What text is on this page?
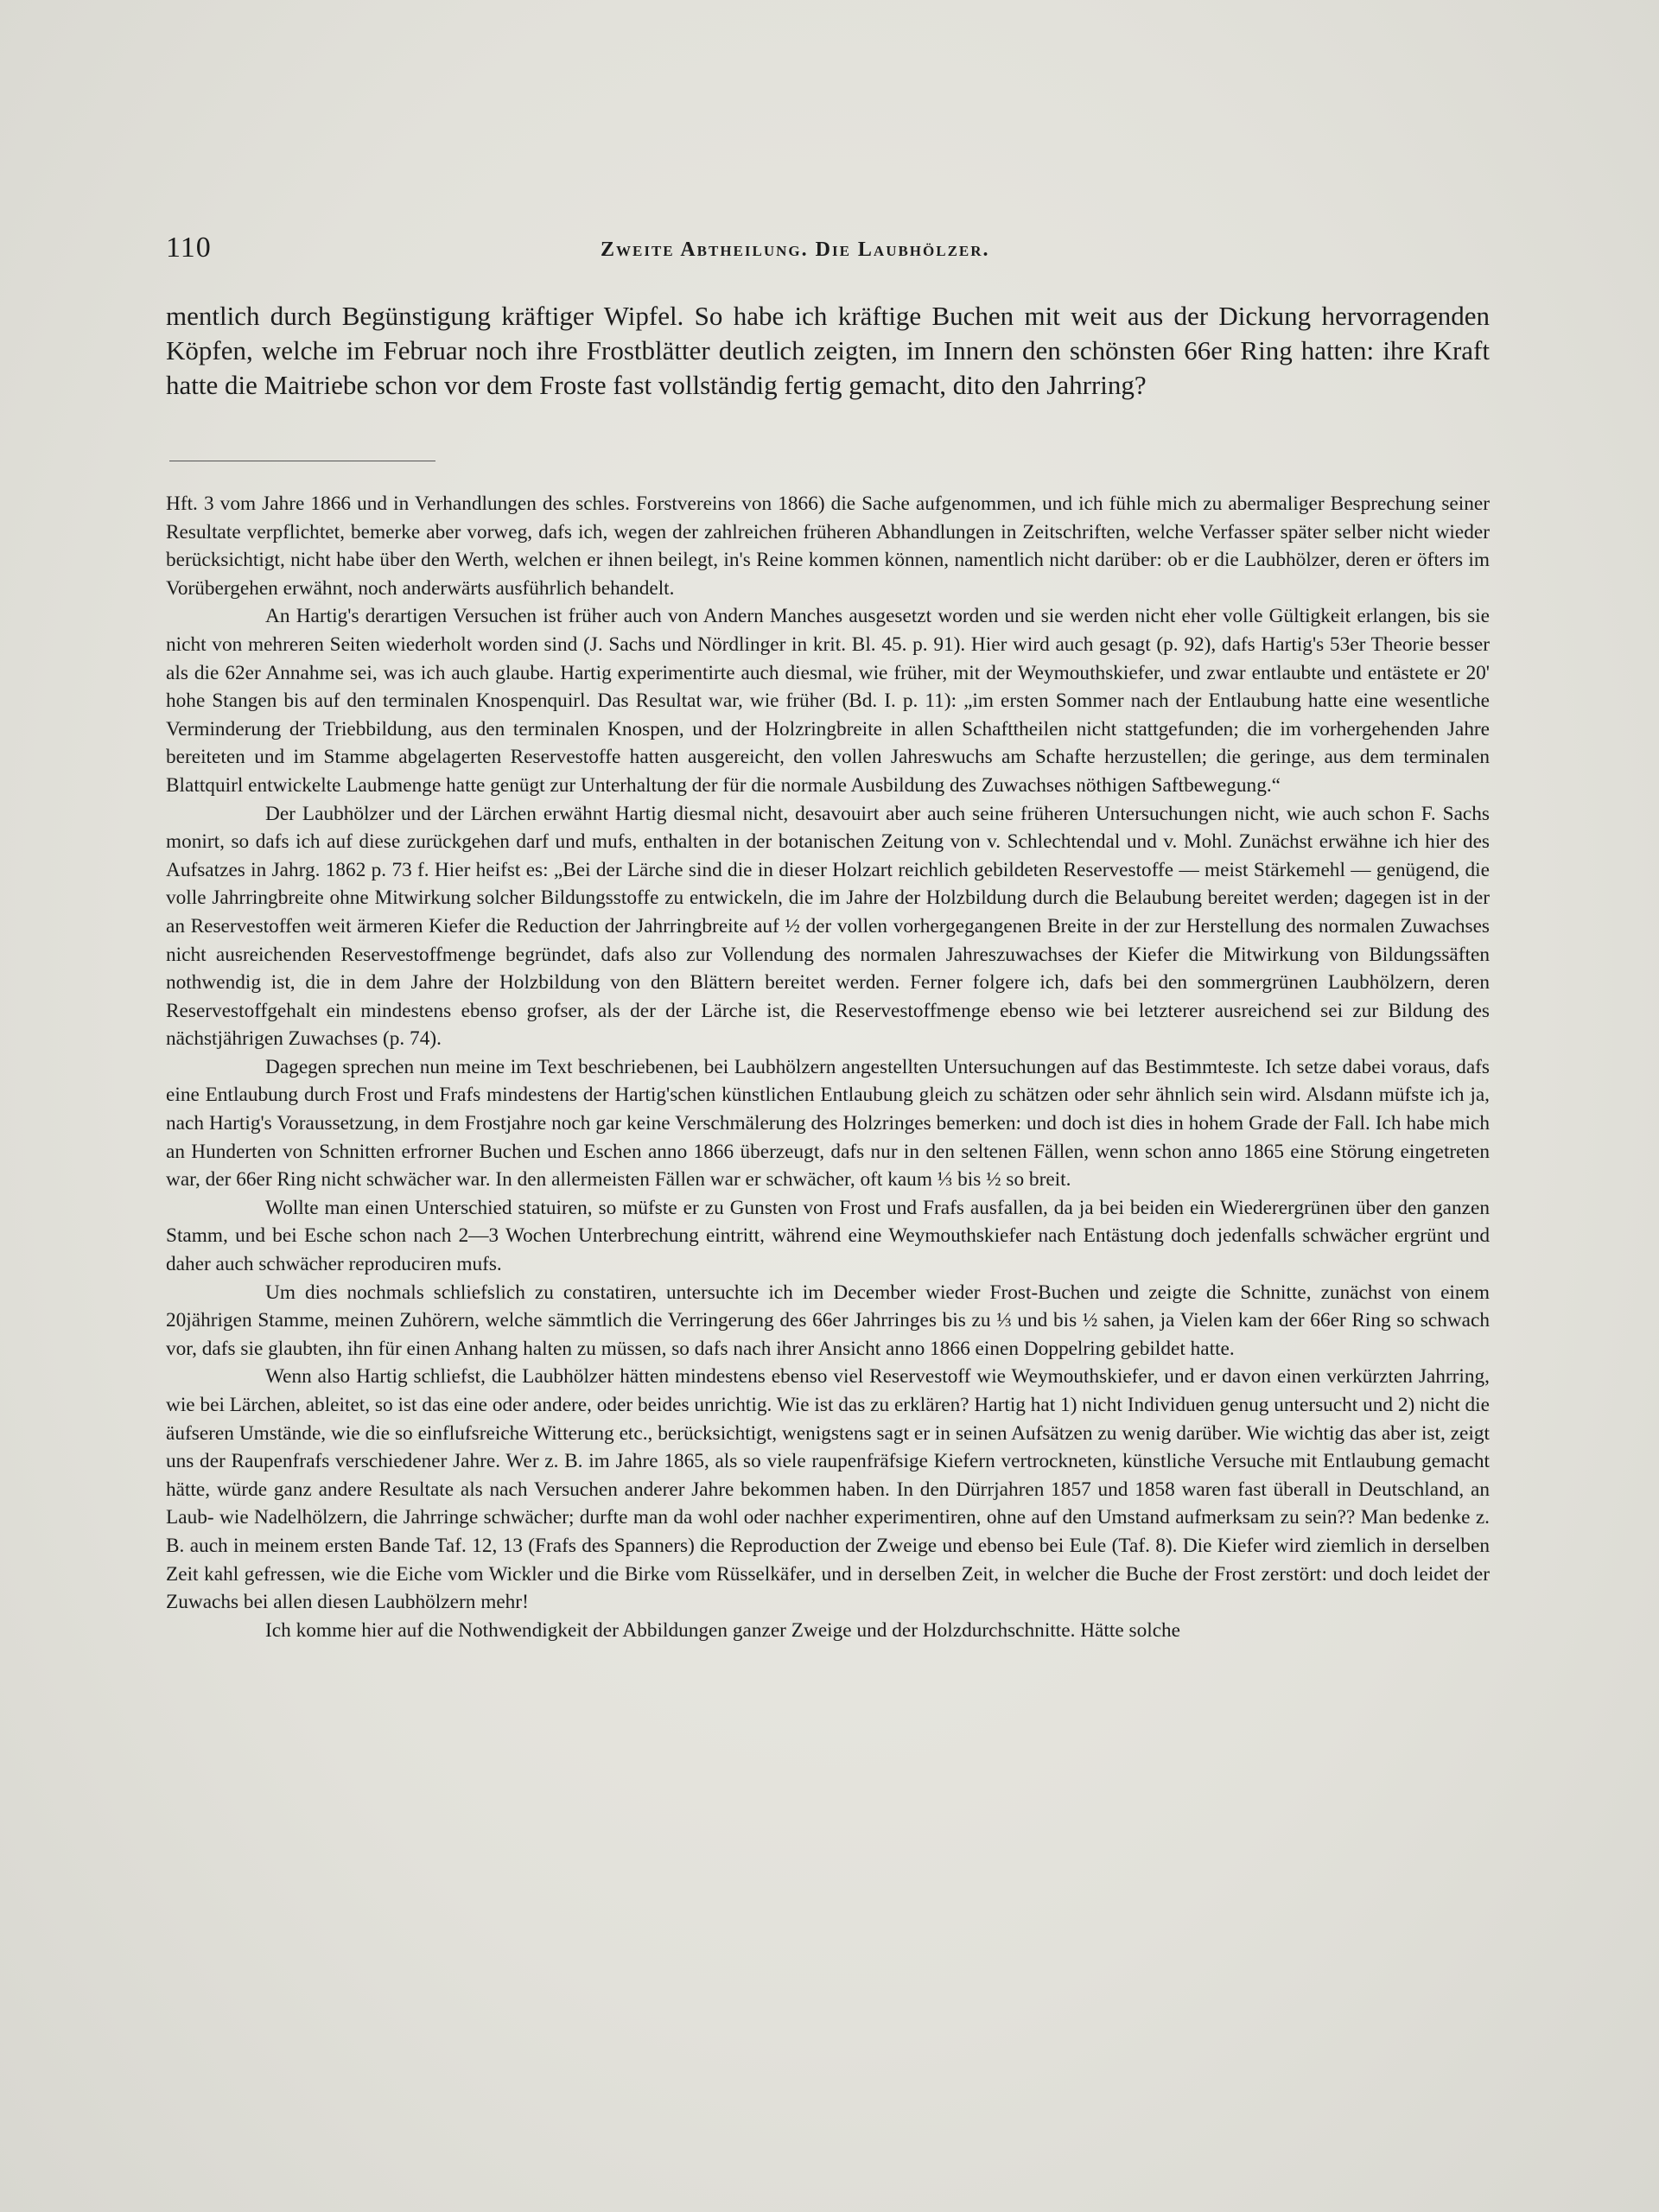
110	Zweite Abtheilung. Die Laubhölzer.

mentlich durch Begünstigung kräftiger Wipfel. So habe ich kräftige Buchen mit weit aus der Dickung hervorragenden Köpfen, welche im Februar noch ihre Frostblätter deutlich zeigten, im Innern den schönsten 66er Ring hatten: ihre Kraft hatte die Maitriebe schon vor dem Froste fast vollständig fertig gemacht, dito den Jahrring?

Hft. 3 vom Jahre 1866 und in Verhandlungen des schles. Forstvereins von 1866) die Sache aufgenommen, und ich fühle mich zu abermaliger Besprechung seiner Resultate verpflichtet, bemerke aber vorweg, dafs ich, wegen der zahlreichen früheren Abhandlungen in Zeitschriften, welche Verfasser später selber nicht wieder berücksichtigt, nicht habe über den Werth, welchen er ihnen beilegt, in's Reine kommen können, namentlich nicht darüber: ob er die Laubhölzer, deren er öfters im Vorübergehen erwähnt, noch anderwärts ausführlich behandelt.

An Hartig's derartigen Versuchen ist früher auch von Andern Manches ausgesetzt worden und sie werden nicht eher volle Gültigkeit erlangen, bis sie nicht von mehreren Seiten wiederholt worden sind (J. Sachs und Nördlinger in krit. Bl. 45. p. 91). Hier wird auch gesagt (p. 92), dafs Hartig's 53er Theorie besser als die 62er Annahme sei, was ich auch glaube. Hartig experimentirte auch diesmal, wie früher, mit der Weymouthskiefer, und zwar entlaubte und entästete er 20' hohe Stangen bis auf den terminalen Knospenquirl. Das Resultat war, wie früher (Bd. I. p. 11): „im ersten Sommer nach der Entlaubung hatte eine wesentliche Verminderung der Triebbildung, aus den terminalen Knospen, und der Holzringbreite in allen Schafttheilen nicht stattgefunden; die im vorhergehenden Jahre bereiteten und im Stamme abgelagerten Reservestoffe hatten ausgereicht, den vollen Jahreswuchs am Schafte herzustellen; die geringe, aus dem terminalen Blattquirl entwickelte Laubmenge hatte genügt zur Unterhaltung der für die normale Ausbildung des Zuwachses nöthigen Saftbewegung.“

Der Laubhölzer und der Lärchen erwähnt Hartig diesmal nicht, desavouirt aber auch seine früheren Untersuchungen nicht, wie auch schon F. Sachs monirt, so dafs ich auf diese zurückgehen darf und mufs, enthalten in der botanischen Zeitung von v. Schlechtendal und v. Mohl. Zunächst erwähne ich hier des Aufsatzes in Jahrg. 1862 p. 73 f. Hier heifst es: „Bei der Lärche sind die in dieser Holzart reichlich gebildeten Reservestoffe — meist Stärkemehl — genügend, die volle Jahrringbreite ohne Mitwirkung solcher Bildungsstoffe zu entwickeln, die im Jahre der Holzbildung durch die Belaubung bereitet werden; dagegen ist in der an Reservestoffen weit ärmeren Kiefer die Reduction der Jahrringbreite auf ½ der vollen vorhergegangenen Breite in der zur Herstellung des normalen Zuwachses nicht ausreichenden Reservestoffmenge begründet, dafs also zur Vollendung des normalen Jahreszuwachses der Kiefer die Mitwirkung von Bildungssäften nothwendig ist, die in dem Jahre der Holzbildung von den Blättern bereitet werden. Ferner folgere ich, dafs bei den sommergrünen Laubhölzern, deren Reservestoffgehalt ein mindestens ebenso grofser, als der der Lärche ist, die Reservestoffmenge ebenso wie bei letzterer ausreichend sei zur Bildung des nächstjährigen Zuwachses (p. 74).

Dagegen sprechen nun meine im Text beschriebenen, bei Laubhölzern angestellten Untersuchungen auf das Bestimmteste. Ich setze dabei voraus, dafs eine Entlaubung durch Frost und Frafs mindestens der Hartig'schen künstlichen Entlaubung gleich zu schätzen oder sehr ähnlich sein wird. Alsdann müfste ich ja, nach Hartig's Voraussetzung, in dem Frostjahre noch gar keine Verschmälerung des Holzringes bemerken: und doch ist dies in hohem Grade der Fall. Ich habe mich an Hunderten von Schnitten erfrorner Buchen und Eschen anno 1866 überzeugt, dafs nur in den seltenen Fällen, wenn schon anno 1865 eine Störung eingetreten war, der 66er Ring nicht schwächer war. In den allermeisten Fällen war er schwächer, oft kaum ⅓ bis ½ so breit.

Wollte man einen Unterschied statuiren, so müfste er zu Gunsten von Frost und Frafs ausfallen, da ja bei beiden ein Wiederergrünen über den ganzen Stamm, und bei Esche schon nach 2—3 Wochen Unterbrechung eintritt, während eine Weymouthskiefer nach Entästung doch jedenfalls schwächer ergrünt und daher auch schwächer reproduciren mufs.

Um dies nochmals schliefslich zu constatiren, untersuchte ich im December wieder Frost-Buchen und zeigte die Schnitte, zunächst von einem 20jährigen Stamme, meinen Zuhörern, welche sämmtlich die Verringerung des 66er Jahrringes bis zu ⅓ und bis ½ sahen, ja Vielen kam der 66er Ring so schwach vor, dafs sie glaubten, ihn für einen Anhang halten zu müssen, so dafs nach ihrer Ansicht anno 1866 einen Doppelring gebildet hatte.

Wenn also Hartig schliefst, die Laubhölzer hätten mindestens ebenso viel Reservestoff wie Weymouthskiefer, und er davon einen verkürzten Jahrring, wie bei Lärchen, ableitet, so ist das eine oder andere, oder beides unrichtig. Wie ist das zu erklären? Hartig hat 1) nicht Individuen genug untersucht und 2) nicht die äufseren Umstände, wie die so einflufsreiche Witterung etc., berücksichtigt, wenigstens sagt er in seinen Aufsätzen zu wenig darüber. Wie wichtig das aber ist, zeigt uns der Raupenfrafs verschiedener Jahre. Wer z. B. im Jahre 1865, als so viele raupenfräfsige Kiefern vertrockneten, künstliche Versuche mit Entlaubung gemacht hätte, würde ganz andere Resultate als nach Versuchen anderer Jahre bekommen haben. In den Dürrjahren 1857 und 1858 waren fast überall in Deutschland, an Laub- wie Nadelhölzern, die Jahrringe schwächer; durfte man da wohl oder nachher experimentiren, ohne auf den Umstand aufmerksam zu sein?? Man bedenke z. B. auch in meinem ersten Bande Taf. 12, 13 (Frafs des Spanners) die Reproduction der Zweige und ebenso bei Eule (Taf. 8). Die Kiefer wird ziemlich in derselben Zeit kahl gefressen, wie die Eiche vom Wickler und die Birke vom Rüsselkäfer, und in derselben Zeit, in welcher die Buche der Frost zerstört: und doch leidet der Zuwachs bei allen diesen Laubhölzern mehr!

Ich komme hier auf die Nothwendigkeit der Abbildungen ganzer Zweige und der Holzdurchschnitte. Hätte solche
